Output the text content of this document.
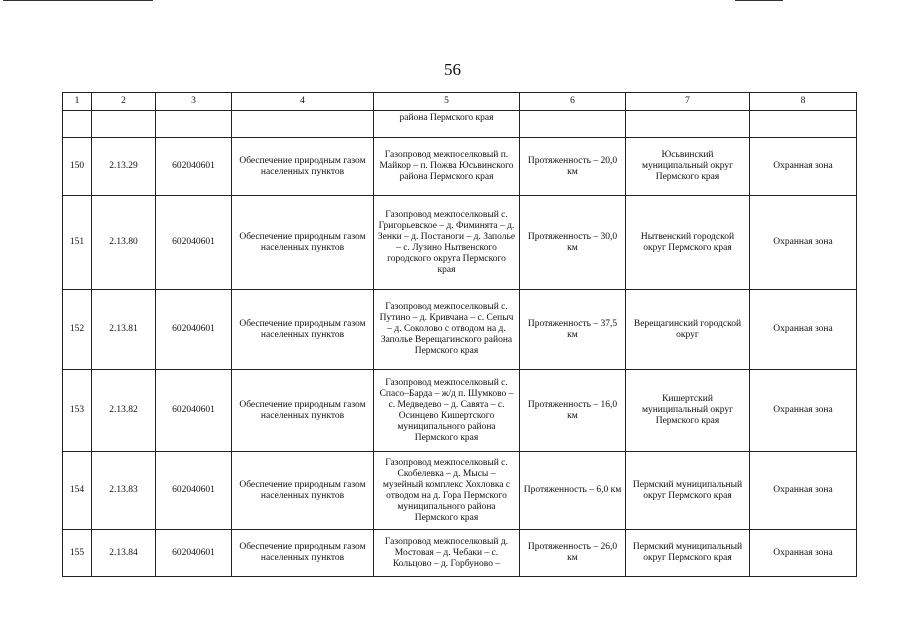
56
1	2	3	4	5	6	7	8
				района Пермского края			
150	2.13.29	602040601	Обеспечение природным газом населенных пунктов	Газопровод межпоселковый п. Майкор – п. Пожва Юсьвинского района Пермского края	Протяженность – 20,0 км	Юсьвинский муниципальный округ Пермского края	Охранная зона
151	2.13.80	602040601	Обеспечение природным газом населенных пунктов	Газопровод межпоселковый с. Григорьевское – д. Фиминята – д. Зенки – д. Постаноги – д. Заполье – с. Лузино Нытвенского городского округа Пермского края	Протяженность – 30,0 км	Нытвенский городской округ Пермского края	Охранная зона
152	2.13.81	602040601	Обеспечение природным газом населенных пунктов	Газопровод межпоселковый с. Путино – д. Кривчана – с. Сепыч – д. Соколово с отводом на д. Заполье Верещагинского района Пермского края	Протяженность – 37,5 км	Верещагинский городской округ	Охранная зона
153	2.13.82	602040601	Обеспечение природным газом населенных пунктов	Газопровод межпоселковый с. Спасо–Барда – ж/д п. Шумково – с. Медведево – д. Савята – с. Осинцево Кишертского муниципального района Пермского края	Протяженность – 16,0 км	Кишертский муниципальный округ Пермского края	Охранная зона
154	2.13.83	602040601	Обеспечение природным газом населенных пунктов	Газопровод межпоселковый с. Скобелевка – д. Мысы – музейный комплекс Хохловка с отводом на д. Гора Пермского муниципального района Пермского края	Протяженность – 6,0 км	Пермский муниципальный округ Пермского края	Охранная зона
155	2.13.84	602040601	Обеспечение природным газом населенных пунктов	Газопровод межпоселковый д. Мостовая – д. Чебаки – с. Кольцово – д. Горбуново –	Протяженность – 26,0 км	Пермский муниципальный округ Пермского края	Охранная зона
